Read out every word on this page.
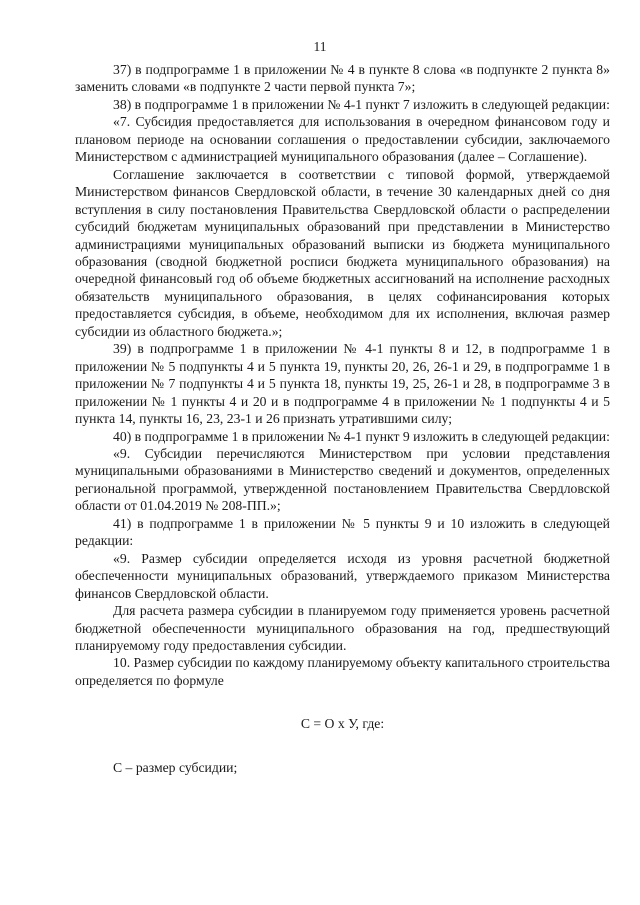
11

37) в подпрограмме 1 в приложении № 4 в пункте 8 слова «в подпункте 2 пункта 8» заменить словами «в подпункте 2 части первой пункта 7»;

38) в подпрограмме 1 в приложении № 4-1 пункт 7 изложить в следующей редакции:

«7. Субсидия предоставляется для использования в очередном финансовом году и плановом периоде на основании соглашения о предоставлении субсидии, заключаемого Министерством с администрацией муниципального образования (далее – Соглашение).

Соглашение заключается в соответствии с типовой формой, утверждаемой Министерством финансов Свердловской области, в течение 30 календарных дней со дня вступления в силу постановления Правительства Свердловской области о распределении субсидий бюджетам муниципальных образований при представлении в Министерство администрациями муниципальных образований выписки из бюджета муниципального образования (сводной бюджетной росписи бюджета муниципального образования) на очередной финансовый год об объеме бюджетных ассигнований на исполнение расходных обязательств муниципального образования, в целях софинансирования которых предоставляется субсидия, в объеме, необходимом для их исполнения, включая размер субсидии из областного бюджета.»;

39) в подпрограмме 1 в приложении № 4-1 пункты 8 и 12, в подпрограмме 1 в приложении № 5 подпункты 4 и 5 пункта 19, пункты 20, 26, 26-1 и 29, в подпрограмме 1 в приложении № 7 подпункты 4 и 5 пункта 18, пункты 19, 25, 26-1 и 28, в подпрограмме 3 в приложении № 1 пункты 4 и 20 и в подпрограмме 4 в приложении № 1 подпункты 4 и 5 пункта 14, пункты 16, 23, 23-1 и 26 признать утратившими силу;

40) в подпрограмме 1 в приложении № 4-1 пункт 9 изложить в следующей редакции:

«9. Субсидии перечисляются Министерством при условии представления муниципальными образованиями в Министерство сведений и документов, определенных региональной программой, утвержденной постановлением Правительства Свердловской области от 01.04.2019 № 208-ПП.»;

41) в подпрограмме 1 в приложении № 5 пункты 9 и 10 изложить в следующей редакции:

«9. Размер субсидии определяется исходя из уровня расчетной бюджетной обеспеченности муниципальных образований, утверждаемого приказом Министерства финансов Свердловской области.

Для расчета размера субсидии в планируемом году применяется уровень расчетной бюджетной обеспеченности муниципального образования на год, предшествующий планируемому году предоставления субсидии.

10. Размер субсидии по каждому планируемому объекту капитального строительства определяется по формуле

С = О х У, где:

С – размер субсидии;
